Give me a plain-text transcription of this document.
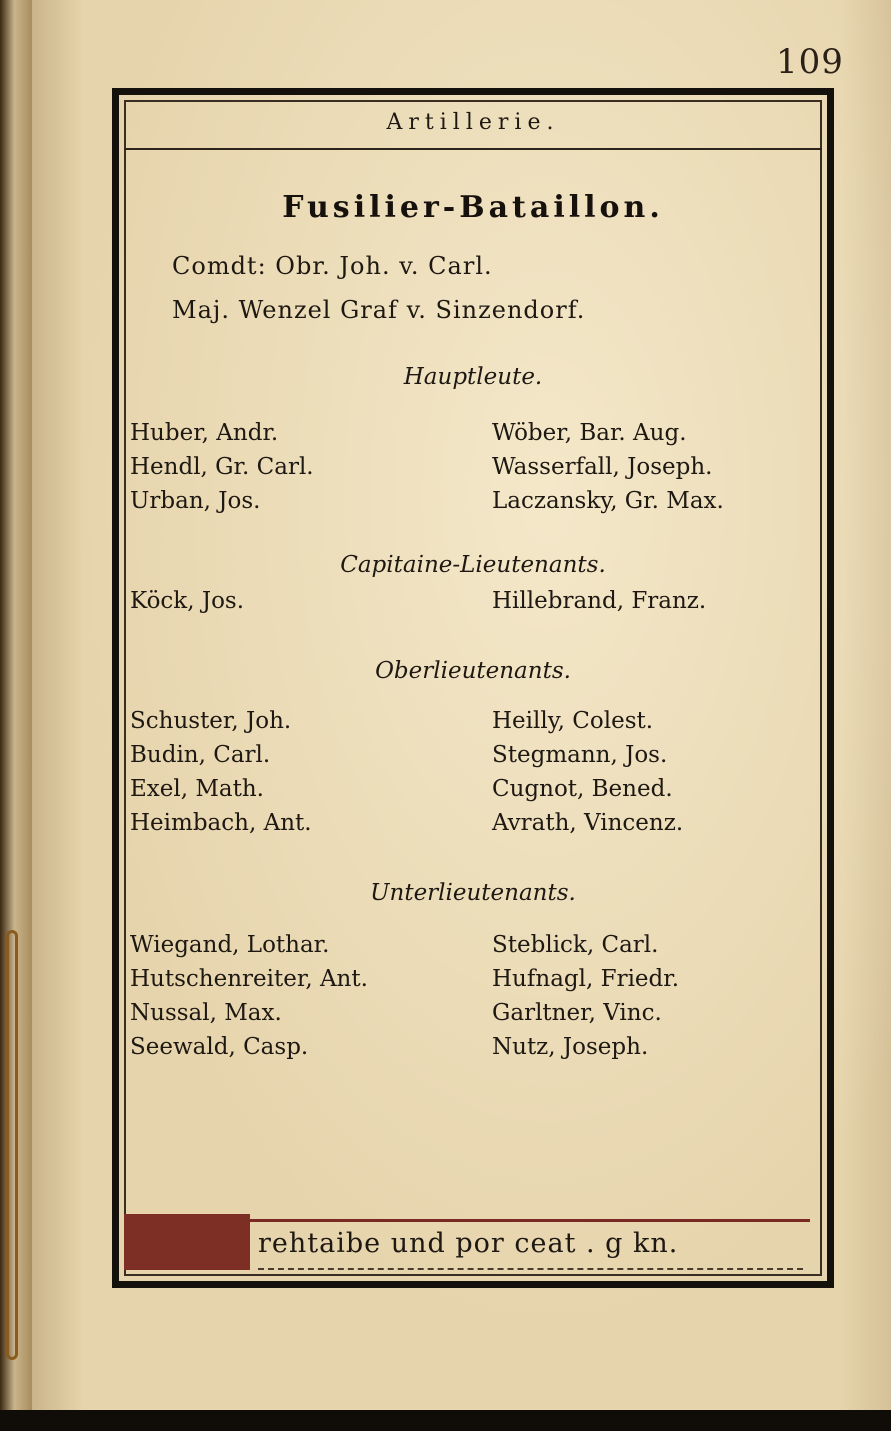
109
Artillerie.
Fusilier-Bataillon.
Comdt: Obr. Joh. v. Carl.
Maj. Wenzel Graf v. Sinzendorf.
Hauptleute.
Huber, Andr.	Wöber, Bar. Aug.
Hendl, Gr. Carl.	Wasserfall, Joseph.
Urban, Jos.	Laczansky, Gr. Max.
Capitaine-Lieutenants.
Köck, Jos.	Hillebrand, Franz.
Oberlieutenants.
Schuster, Joh.	Heilly, Colest.
Budin, Carl.	Stegmann, Jos.
Exel, Math.	Cugnot, Bened.
Heimbach, Ant.	Avrath, Vincenz.
Unterlieutenants.
Wiegand, Lothar.	Steblick, Carl.
Hutschenreiter, Ant.	Hufnagl, Friedr.
Nussal, Max.	Garltner, Vinc.
Seewald, Casp.	Nutz, Joseph.
rehtaibe und por ceat . g kn.
